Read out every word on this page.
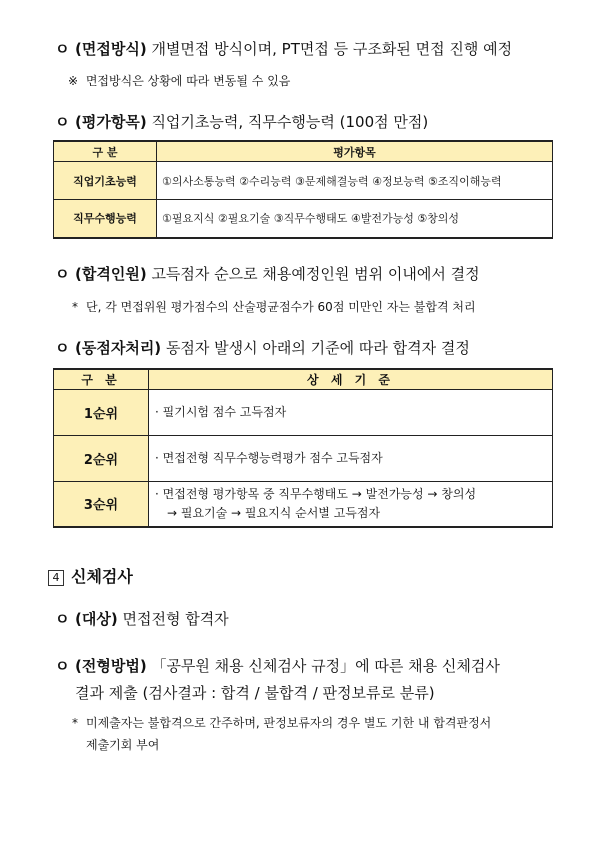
ㅇ (면접방식) 개별면접 방식이며, PT면접 등 구조화된 면접 진행 예정
※ 면접방식은 상황에 따라 변동될 수 있음
ㅇ (평가항목) 직업기초능력, 직무수행능력 (100점 만점)
구 분	평가항목
직업기초능력	①의사소통능력 ②수리능력 ③문제해결능력 ④정보능력 ⑤조직이해능력
직무수행능력	①필요지식 ②필요기술 ③직무수행태도 ④발전가능성 ⑤창의성
ㅇ (합격인원) 고득점자 순으로 채용예정인원 범위 이내에서 결정
* 단, 각 면접위원 평가점수의 산술평균점수가 60점 미만인 자는 불합격 처리
ㅇ (동점자처리) 동점자 발생시 아래의 기준에 따라 합격자 결정
구 분	상 세 기 준
1순위	· 필기시험 점수 고득점자
2순위	· 면접전형 직무수행능력평가 점수 고득점자
3순위	· 면접전형 평가항목 중 직무수행태도 → 발전가능성 → 창의성
→ 필요기술 → 필요지식 순서별 고득점자
4 신체검사
ㅇ (대상) 면접전형 합격자
ㅇ (전형방법) 「공무원 채용 신체검사 규정」에 따른 채용 신체검사
결과 제출 (검사결과 : 합격 / 불합격 / 판정보류로 분류)
* 미제출자는 불합격으로 간주하며, 판정보류자의 경우 별도 기한 내 합격판정서
제출기회 부여
